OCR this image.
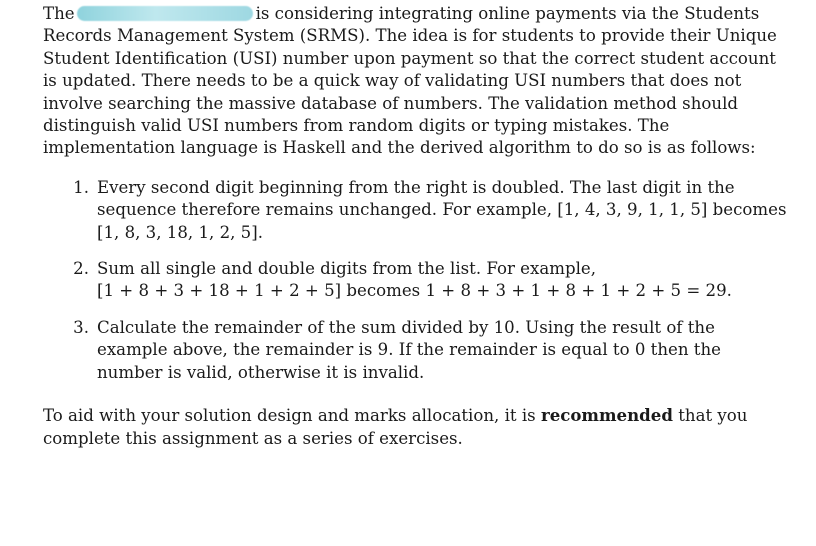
The	is considering integrating online payments via the Students
Records Management System (SRMS). The idea is for students to provide their Unique
Student Identification (USI) number upon payment so that the correct student account
is updated. There needs to be a quick way of validating USI numbers that does not
involve searching the massive database of numbers. The validation method should
distinguish valid USI numbers from random digits or typing mistakes. The
implementation language is Haskell and the derived algorithm to do so is as follows:

1. Every second digit beginning from the right is doubled. The last digit in the
sequence therefore remains unchanged. For example, [1, 4, 3, 9, 1, 1, 5] becomes
[1, 8, 3, 18, 1, 2, 5].
2. Sum all single and double digits from the list. For example,
[1 + 8 + 3 + 18 + 1 + 2 + 5] becomes 1 + 8 + 3 + 1 + 8 + 1 + 2 + 5 = 29.
3. Calculate the remainder of the sum divided by 10. Using the result of the
example above, the remainder is 9. If the remainder is equal to 0 then the
number is valid, otherwise it is invalid.

To aid with your solution design and marks allocation, it is recommended that you
complete this assignment as a series of exercises.
